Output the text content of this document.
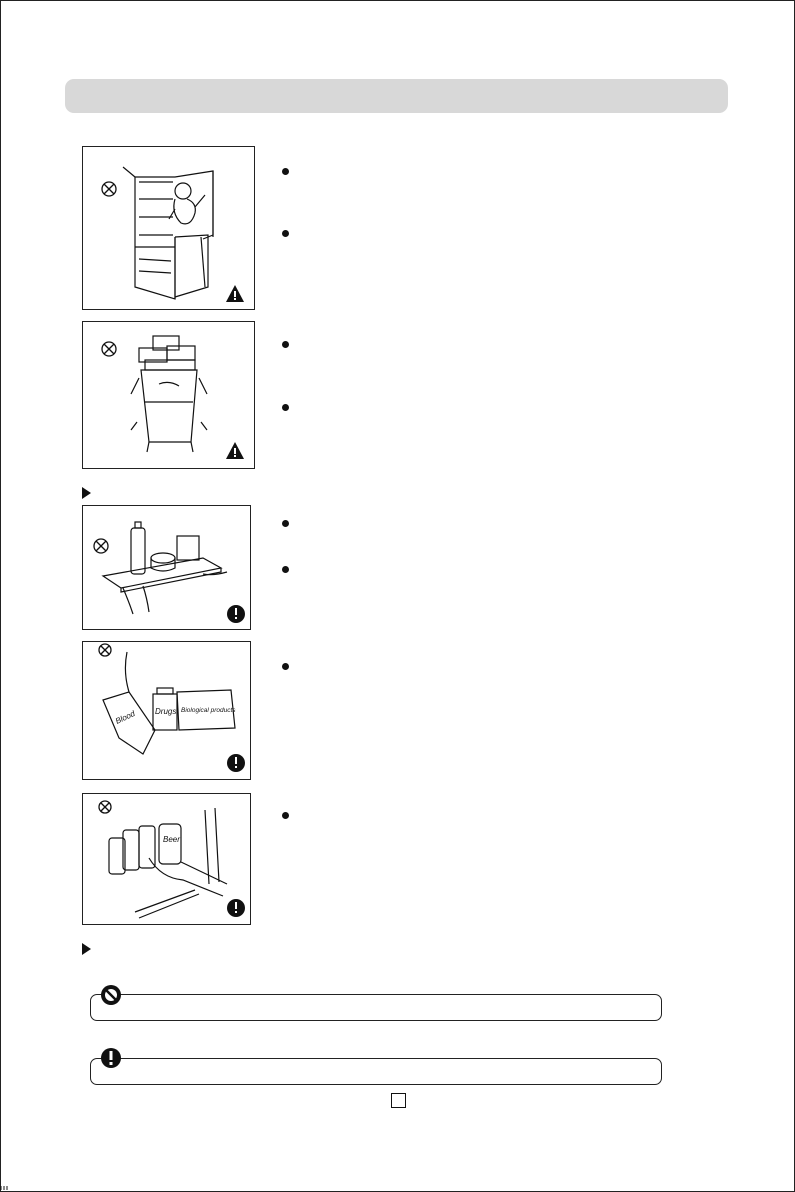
Blood Drugs Biological products
Beer
